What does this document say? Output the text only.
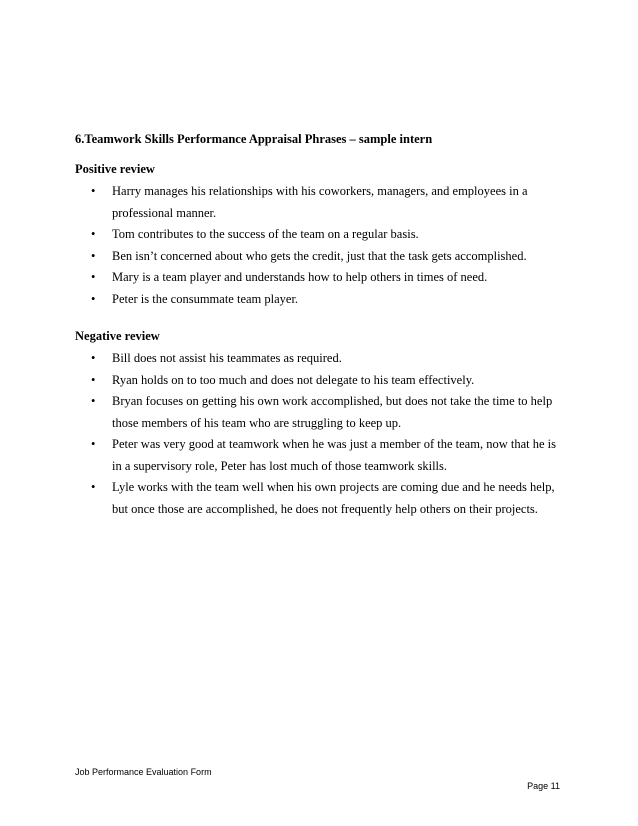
6.Teamwork Skills Performance Appraisal Phrases – sample intern
Positive review
• Harry manages his relationships with his coworkers, managers, and employees in a professional manner.
• Tom contributes to the success of the team on a regular basis.
• Ben isn’t concerned about who gets the credit, just that the task gets accomplished.
• Mary is a team player and understands how to help others in times of need.
• Peter is the consummate team player.
Negative review
• Bill does not assist his teammates as required.
• Ryan holds on to too much and does not delegate to his team effectively.
• Bryan focuses on getting his own work accomplished, but does not take the time to help those members of his team who are struggling to keep up.
• Peter was very good at teamwork when he was just a member of the team, now that he is in a supervisory role, Peter has lost much of those teamwork skills.
• Lyle works with the team well when his own projects are coming due and he needs help, but once those are accomplished, he does not frequently help others on their projects.
Job Performance Evaluation Form
Page 11
